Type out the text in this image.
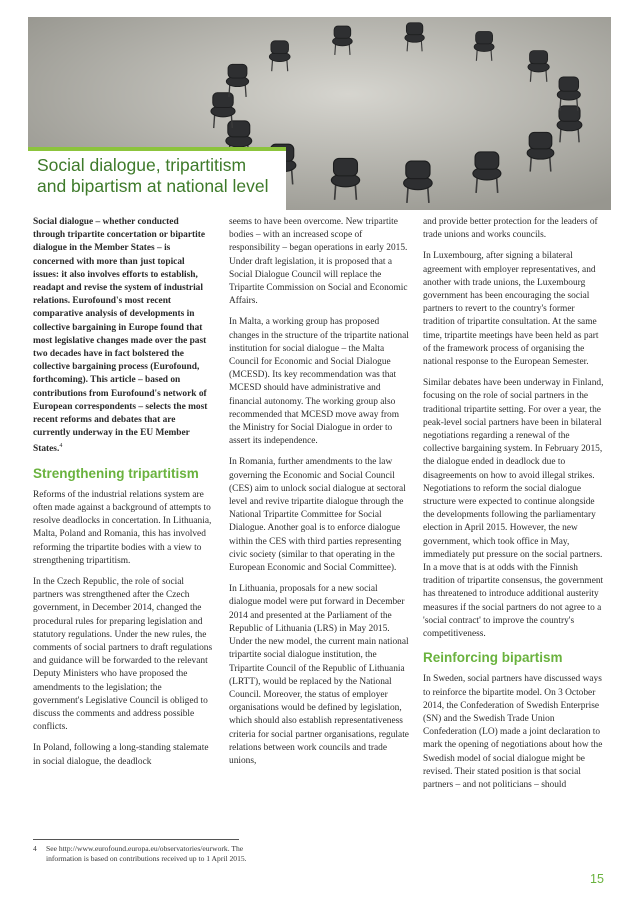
Social dialogue, tripartitism and bipartism at national level

Social dialogue – whether conducted through tripartite concertation or bipartite dialogue in the Member States – is concerned with more than just topical issues: it also involves efforts to establish, readapt and revise the system of industrial relations. Eurofound's most recent comparative analysis of developments in collective bargaining in Europe found that most legislative changes made over the past two decades have in fact bolstered the collective bargaining process (Eurofound, forthcoming). This article – based on contributions from Eurofound's network of European correspondents – selects the most recent reforms and debates that are currently underway in the EU Member States.$^4$

Strengthening tripartitism

Reforms of the industrial relations system are often made against a background of attempts to resolve deadlocks in concertation. In Lithuania, Malta, Poland and Romania, this has involved reforming the tripartite bodies with a view to strengthening tripartitism.

In the Czech Republic, the role of social partners was strengthened after the Czech government, in December 2014, changed the procedural rules for preparing legislation and statutory regulations. Under the new rules, the comments of social partners to draft regulations and guidance will be forwarded to the relevant Deputy Ministers who have proposed the amendments to the legislation; the government's Legislative Council is obliged to discuss the comments and address possible conflicts.

In Poland, following a long-standing stalemate in social dialogue, the deadlock

seems to have been overcome. New tripartite bodies – with an increased scope of responsibility – began operations in early 2015. Under draft legislation, it is proposed that a Social Dialogue Council will replace the Tripartite Commission on Social and Economic Affairs.

In Malta, a working group has proposed changes in the structure of the tripartite national institution for social dialogue – the Malta Council for Economic and Social Dialogue (MCESD). Its key recommendation was that MCESD should have administrative and financial autonomy. The working group also recommended that MCESD move away from the Ministry for Social Dialogue in order to assert its independence.

In Romania, further amendments to the law governing the Economic and Social Council (CES) aim to unlock social dialogue at sectoral level and revive tripartite dialogue through the National Tripartite Committee for Social Dialogue. Another goal is to enforce dialogue within the CES with third parties representing civic society (similar to that operating in the European Economic and Social Committee).

In Lithuania, proposals for a new social dialogue model were put forward in December 2014 and presented at the Parliament of the Republic of Lithuania (LRS) in May 2015. Under the new model, the current main national tripartite social dialogue institution, the Tripartite Council of the Republic of Lithuania (LRTT), would be replaced by the National Council. Moreover, the status of employer organisations would be defined by legislation, which should also establish representativeness criteria for social partner organisations, regulate relations between work councils and trade unions,

and provide better protection for the leaders of trade unions and works councils.

In Luxembourg, after signing a bilateral agreement with employer representatives, and another with trade unions, the Luxembourg government has been encouraging the social partners to revert to the country's former tradition of tripartite consultation. At the same time, tripartite meetings have been held as part of the framework process of organising the national response to the European Semester.

Similar debates have been underway in Finland, focusing on the role of social partners in the traditional tripartite setting. For over a year, the peak-level social partners have been in bilateral negotiations regarding a renewal of the collective bargaining system. In February 2015, the dialogue ended in deadlock due to disagreements on how to avoid illegal strikes. Negotiations to reform the social dialogue structure were expected to continue alongside the developments following the parliamentary election in April 2015. However, the new government, which took office in May, immediately put pressure on the social partners. In a move that is at odds with the Finnish tradition of tripartite consensus, the government has threatened to introduce additional austerity measures if the social partners do not agree to a 'social contract' to improve the country's competitiveness.

Reinforcing bipartism

In Sweden, social partners have discussed ways to reinforce the bipartite model. On 3 October 2014, the Confederation of Swedish Enterprise (SN) and the Swedish Trade Union Confederation (LO) made a joint declaration to mark the opening of negotiations about how the Swedish model of social dialogue might be revised. Their stated position is that social partners – and not politicians – should

4 See http://www.eurofound.europa.eu/observatories/eurwork. The information is based on contributions received up to 1 April 2015.
15
